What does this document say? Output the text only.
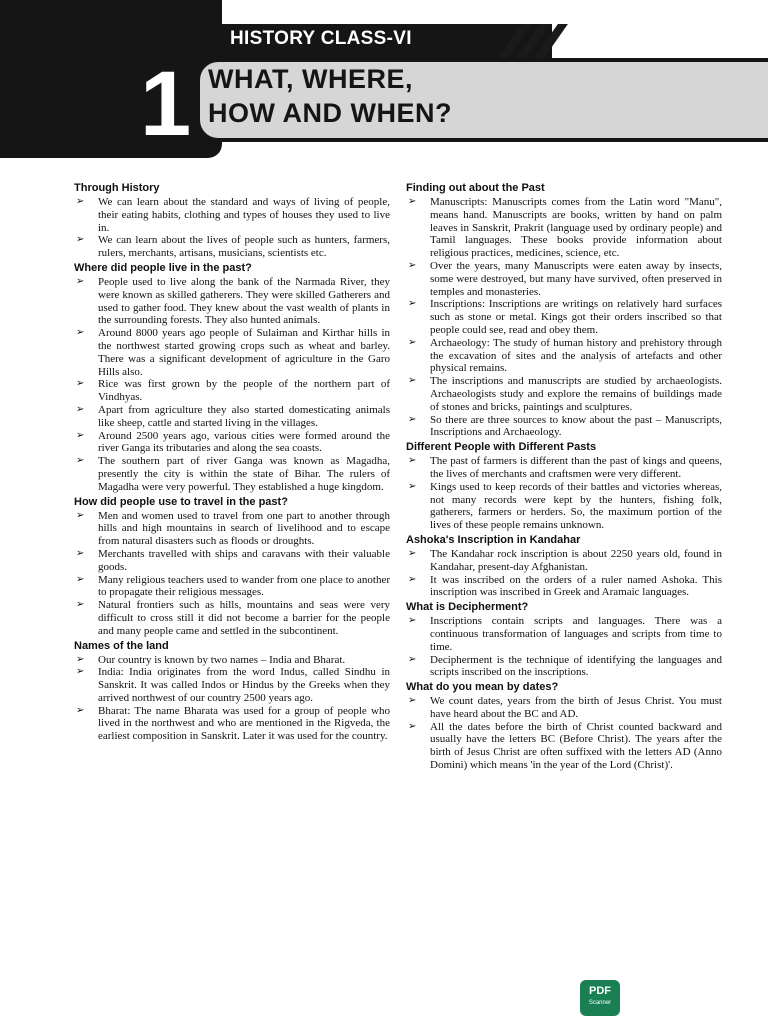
HISTORY CLASS-VI
1 WHAT, WHERE,
HOW AND WHEN?
Through History
➢ We can learn about the standard and ways of living of people, their eating habits, clothing and types of houses they used to live in.
➢ We can learn about the lives of people such as hunters, farmers, rulers, merchants, artisans, musicians, scientists etc.
Where did people live in the past?
➢ People used to live along the bank of the Narmada River, they were known as skilled gatherers. They were skilled Gatherers and used to gather food. They knew about the vast wealth of plants in the surrounding forests. They also hunted animals.
➢ Around 8000 years ago people of Sulaiman and Kirthar hills in the northwest started growing crops such as wheat and barley. There was a significant development of agriculture in the Garo Hills also.
➢ Rice was first grown by the people of the northern part of Vindhyas.
➢ Apart from agriculture they also started domesticating animals like sheep, cattle and started living in the villages.
➢ Around 2500 years ago, various cities were formed around the river Ganga its tributaries and along the sea coasts.
➢ The southern part of river Ganga was known as Magadha, presently the city is within the state of Bihar. The rulers of Magadha were very powerful. They established a huge kingdom.
How did people use to travel in the past?
➢ Men and women used to travel from one part to another through hills and high mountains in search of livelihood and to escape from natural disasters such as floods or droughts.
➢ Merchants travelled with ships and caravans with their valuable goods.
➢ Many religious teachers used to wander from one place to another to propagate their religious messages.
➢ Natural frontiers such as hills, mountains and seas were very difficult to cross still it did not become a barrier for the people and many people came and settled in the subcontinent.
Names of the land
➢ Our country is known by two names – India and Bharat.
➢ India: India originates from the word Indus, called Sindhu in Sanskrit. It was called Indos or Hindus by the Greeks when they arrived northwest of our country 2500 years ago.
➢ Bharat: The name Bharata was used for a group of people who lived in the northwest and who are mentioned in the Rigveda, the earliest composition in Sanskrit. Later it was used for the country.
Finding out about the Past
➢ Manuscripts: Manuscripts comes from the Latin word "Manu", means hand. Manuscripts are books, written by hand on palm leaves in Sanskrit, Prakrit (language used by ordinary people) and Tamil languages. These books provide information about religious practices, medicines, science, etc.
➢ Over the years, many Manuscripts were eaten away by insects, some were destroyed, but many have survived, often preserved in temples and monasteries.
➢ Inscriptions: Inscriptions are writings on relatively hard surfaces such as stone or metal. Kings got their orders inscribed so that people could see, read and obey them.
➢ Archaeology: The study of human history and prehistory through the excavation of sites and the analysis of artefacts and other physical remains.
➢ The inscriptions and manuscripts are studied by archaeologists. Archaeologists study and explore the remains of buildings made of stones and bricks, paintings and sculptures.
➢ So there are three sources to know about the past – Manuscripts, Inscriptions and Archaeology.
Different People with Different Pasts
➢ The past of farmers is different than the past of kings and queens, the lives of merchants and craftsmen were very different.
➢ Kings used to keep records of their battles and victories whereas, not many records were kept by the hunters, fishing folk, gatherers, farmers or herders. So, the maximum portion of the lives of these people remains unknown.
Ashoka's Inscription in Kandahar
➢ The Kandahar rock inscription is about 2250 years old, found in Kandahar, present-day Afghanistan.
➢ It was inscribed on the orders of a ruler named Ashoka. This inscription was inscribed in Greek and Aramaic languages.
What is Decipherment?
➢ Inscriptions contain scripts and languages. There was a continuous transformation of languages and scripts from time to time.
➢ Decipherment is the technique of identifying the languages and scripts inscribed on the inscriptions.
What do you mean by dates?
➢ We count dates, years from the birth of Jesus Christ. You must have heard about the BC and AD.
➢ All the dates before the birth of Christ counted backward and usually have the letters BC (Before Christ). The years after the birth of Jesus Christ are often suffixed with the letters AD (Anno Domini) which means 'in the year of the Lord (Christ)'.
PDF
Scanner
